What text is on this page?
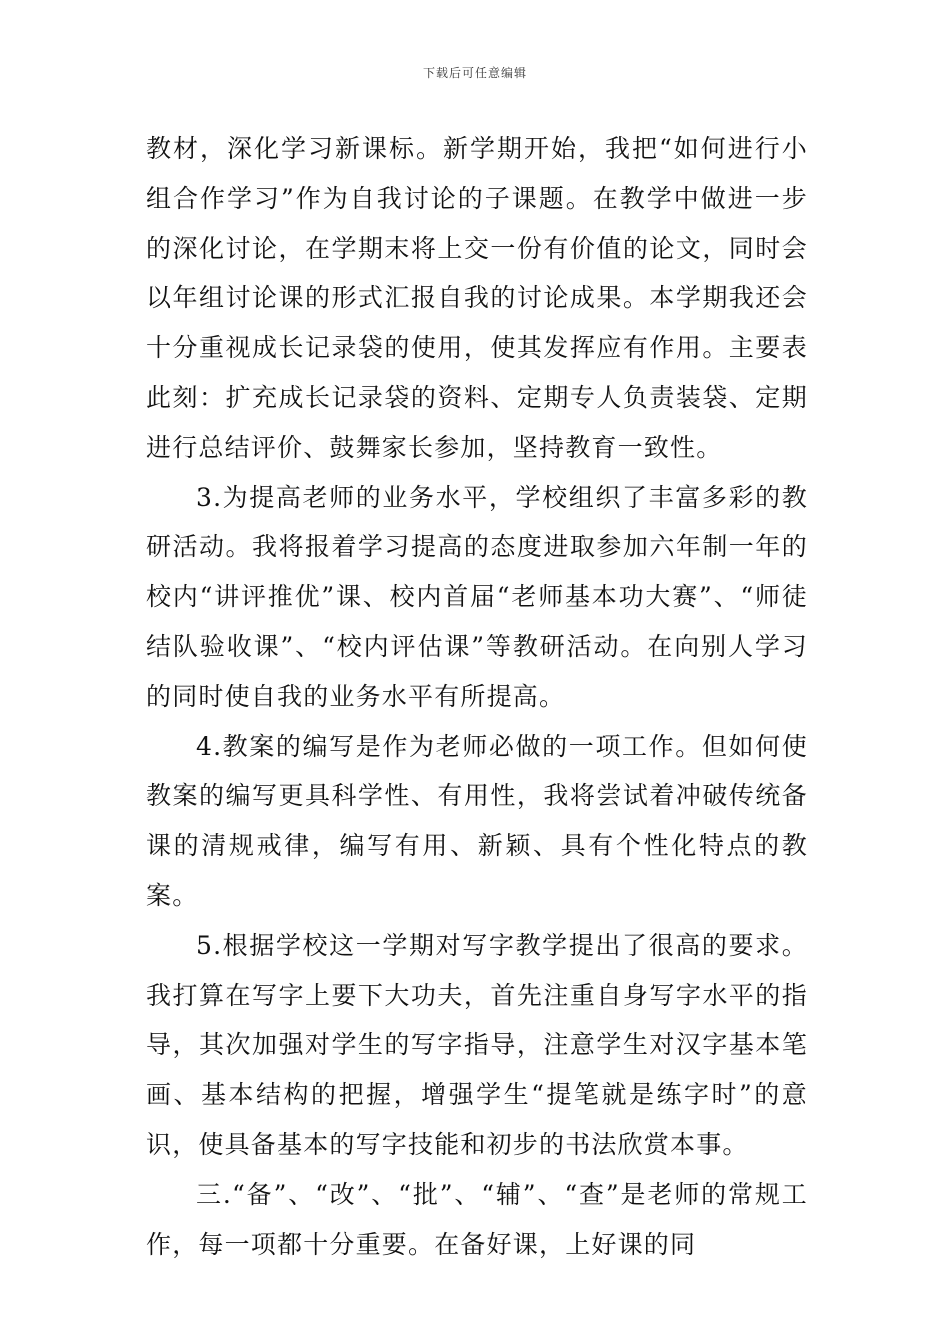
下载后可任意编辑

教材，深化学习新课标。新学期开始，我把“如何进行小组合作学习”作为自我讨论的子课题。在教学中做进一步的深化讨论，在学期末将上交一份有价值的论文，同时会以年组讨论课的形式汇报自我的讨论成果。本学期我还会十分重视成长记录袋的使用，使其发挥应有作用。主要表此刻：扩充成长记录袋的资料、定期专人负责装袋、定期进行总结评价、鼓舞家长参加，坚持教育一致性。

3.为提高老师的业务水平，学校组织了丰富多彩的教研活动。我将报着学习提高的态度进取参加六年制一年的校内“讲评推优”课、校内首届“老师基本功大赛”、“师徒结队验收课”、“校内评估课”等教研活动。在向别人学习的同时使自我的业务水平有所提高。

4.教案的编写是作为老师必做的一项工作。但如何使教案的编写更具科学性、有用性，我将尝试着冲破传统备课的清规戒律，编写有用、新颖、具有个性化特点的教案。

5.根据学校这一学期对写字教学提出了很高的要求。我打算在写字上要下大功夫，首先注重自身写字水平的指导，其次加强对学生的写字指导，注意学生对汉字基本笔画、基本结构的把握，增强学生“提笔就是练字时”的意识，使具备基本的写字技能和初步的书法欣赏本事。

三.“备”、“改”、“批”、“辅”、“查”是老师的常规工作，每一项都十分重要。在备好课，上好课的同
